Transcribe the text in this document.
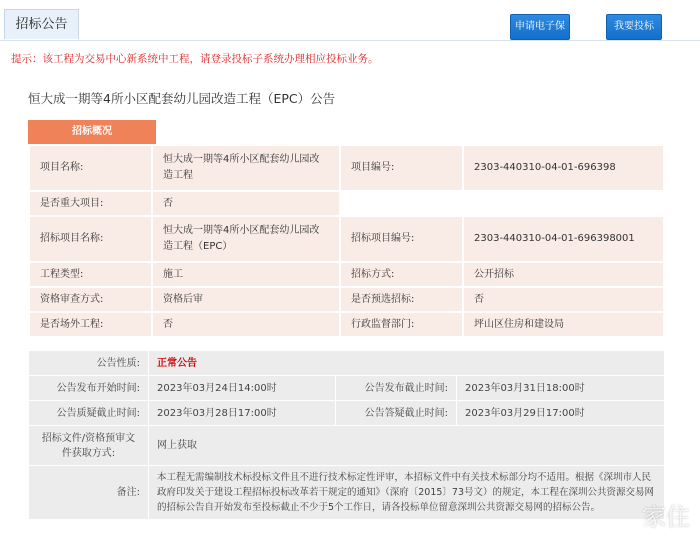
招标公告	申请电子保函
我要投标
提示：该工程为交易中心新系统中工程，请登录投标子系统办理相应投标业务。
恒大成一期等4所小区配套幼儿园改造工程（EPC）公告
招标概况
项目名称:	恒大成一期等4所小区配套幼儿园改造工程	项目编号:	2303-440310-04-01-696398
是否重大项目:	否		
招标项目名称:	恒大成一期等4所小区配套幼儿园改造工程（EPC）	招标项目编号:	2303-440310-04-01-696398001
工程类型:	施工	招标方式:	公开招标
资格审查方式:	资格后审	是否预选招标:	否
是否场外工程:	否	行政监督部门:	坪山区住房和建设局
公告性质:	正常公告		
公告发布开始时间:	2023年03月24日14:00时	公告发布截止时间:	2023年03月31日18:00时
公告质疑截止时间:	2023年03月28日17:00时	公告答疑截止时间:	2023年03月29日17:00时
招标文件/资格预审文件获取方式:	网上获取		
备注:	本工程无需编制技术标投标文件且不进行技术标定性评审，本招标文件中有关技术标部分均不适用。根据《深圳市人民政府印发关于建设工程招标投标改革若干规定的通知》（深府〔2015〕73号文）的规定，本工程在深圳公共资源交易网的招标公告自开始发布至投标截止不少于5个工作日，请各投标单位留意深圳公共资源交易网的招标公告。		家住
